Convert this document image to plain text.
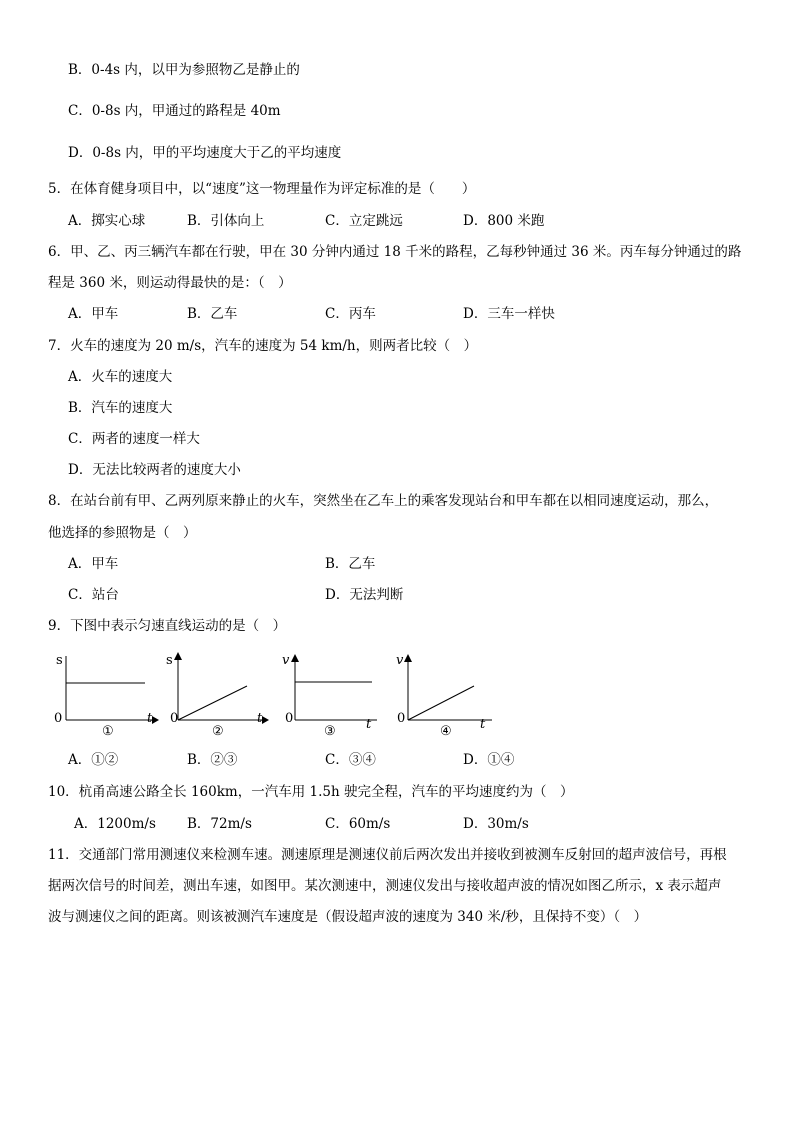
B．0-4s 内，以甲为参照物乙是静止的
C．0-8s 内，甲通过的路程是 40m
D．0-8s 内，甲的平均速度大于乙的平均速度
5．在体育健身项目中，以“速度”这一物理量作为评定标准的是（　　）
A．掷实心球	B．引体向上	C．立定跳远	D．800 米跑
6．甲、乙、丙三辆汽车都在行驶，甲在 30 分钟内通过 18 千米的路程，乙每秒钟通过 36 米。丙车每分钟通过的路
程是 360 米，则运动得最快的是：（　）
A．甲车	B．乙车	C．丙车	D．三车一样快
7．火车的速度为 20 m/s，汽车的速度为 54 km/h，则两者比较（　）
A．火车的速度大
B．汽车的速度大
C．两者的速度一样大
D．无法比较两者的速度大小
8．在站台前有甲、乙两列原来静止的火车，突然坐在乙车上的乘客发现站台和甲车都在以相同速度运动，那么，
他选择的参照物是（　）
A．甲车	B．乙车
C．站台	D．无法判断
9．下图中表示匀速直线运动的是（　）
s
0	t
①
s
0	t
②
v
0	t
③
v
0	t
④
A．①②	B．②③	C．③④	D．①④
10．杭甬高速公路全长 160km，一汽车用 1.5h 驶完全程，汽车的平均速度约为（　）
A．1200m/s B．72m/s	C．60m/s	D．30m/s
11．交通部门常用测速仪来检测车速。测速原理是测速仪前后两次发出并接收到被测车反射回的超声波信号，再根
据两次信号的时间差，测出车速，如图甲。某次测速中，测速仪发出与接收超声波的情况如图乙所示，x 表示超声
波与测速仪之间的距离。则该被测汽车速度是（假设超声波的速度为 340 米/秒，且保持不变）（　）
